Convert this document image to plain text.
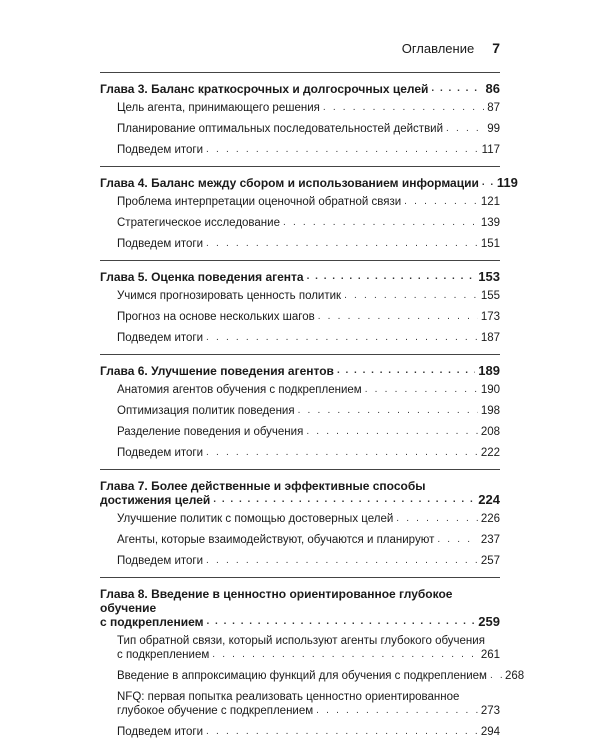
Оглавление 7
Глава 3. Баланс краткосрочных и долгосрочных целей . . .	86
Цель агента, принимающего решения . . .	87
Планирование оптимальных последовательностей действий . . .	99
Подведем итоги . . .	117
Глава 4. Баланс между сбором и использованием информации . . . 119
Проблема интерпретации оценочной обратной связи . . .	121
Стратегическое исследование . . .	139
Подведем итоги . . .	151
Глава 5. Оценка поведения агента . . .	153
Учимся прогнозировать ценность политик . . .	155
Прогноз на основе нескольких шагов . . .	173
Подведем итоги . . .	187
Глава 6. Улучшение поведения агентов . . .	189
Анатомия агентов обучения с подкреплением . . .	190
Оптимизация политик поведения . . .	198
Разделение поведения и обучения . . .	208
Подведем итоги . . .	222
Глава 7. Более действенные и эффективные способы
достижения целей . . .	224
Улучшение политик с помощью достоверных целей . . .	226
Агенты, которые взаимодействуют, обучаются и планируют . . .	237
Подведем итоги . . .	257
Глава 8. Введение в ценностно ориентированное глубокое обучение
с подкреплением . . .	259
Тип обратной связи, который используют агенты глубокого обучения
с подкреплением . . .	261
Введение в аппроксимацию функций для обучения с подкреплением . . . 268
NFQ: первая попытка реализовать ценностно ориентированное
глубокое обучение с подкреплением . . .	273
Подведем итоги . . .	294
